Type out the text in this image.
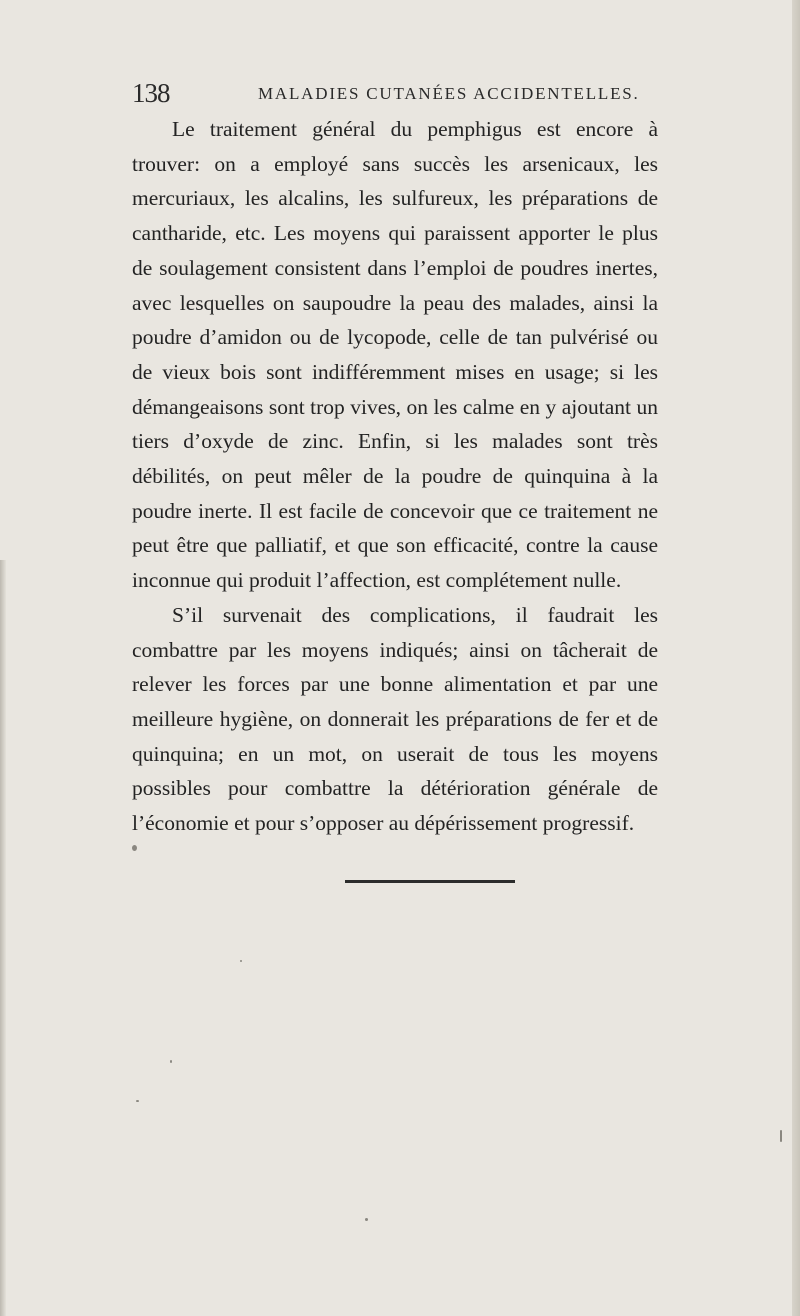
138	MALADIES CUTANÉES ACCIDENTELLES.

Le traitement général du pemphigus est encore à trouver: on a employé sans succès les arsenicaux, les mercuriaux, les alcalins, les sulfureux, les préparations de cantharide, etc. Les moyens qui paraissent apporter le plus de soulagement consistent dans l’emploi de poudres inertes, avec lesquelles on saupoudre la peau des malades, ainsi la poudre d’amidon ou de lycopode, celle de tan pulvérisé ou de vieux bois sont indifféremment mises en usage; si les démangeaisons sont trop vives, on les calme en y ajoutant un tiers d’oxyde de zinc. Enfin, si les malades sont très débilités, on peut mêler de la poudre de quinquina à la poudre inerte. Il est facile de concevoir que ce traitement ne peut être que palliatif, et que son efficacité, contre la cause inconnue qui produit l’affection, est complétement nulle.

S’il survenait des complications, il faudrait les combattre par les moyens indiqués; ainsi on tâcherait de relever les forces par une bonne alimentation et par une meilleure hygiène, on donnerait les préparations de fer et de quinquina; en un mot, on userait de tous les moyens possibles pour combattre la détérioration générale de l’économie et pour s’opposer au dépérissement progressif.
